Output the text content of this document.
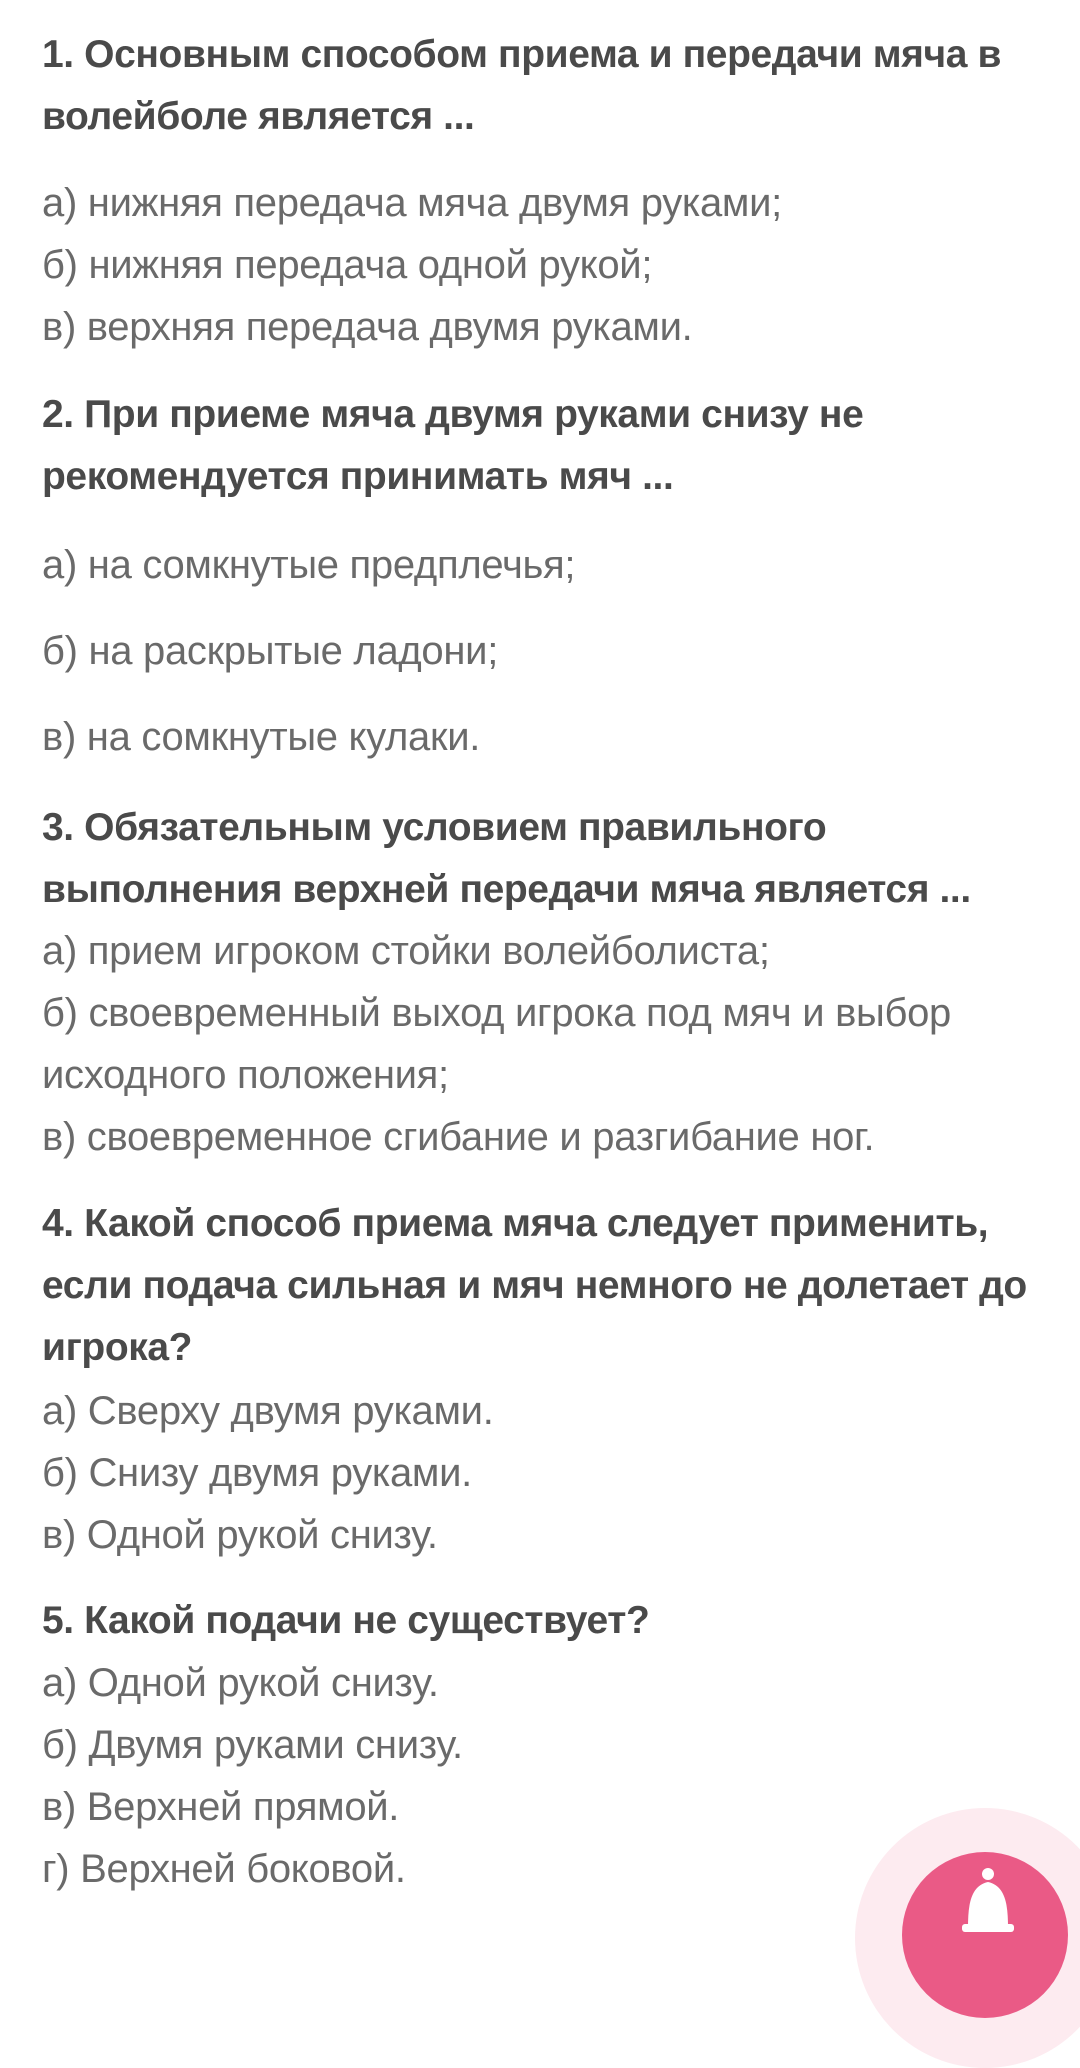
1. Основным способом приема и передачи мяча в волейболе является ...
а) нижняя передача мяча двумя руками;
б) нижняя передача одной рукой;
в) верхняя передача двумя руками.
2. При приеме мяча двумя руками снизу не рекомендуется принимать мяч ...
а) на сомкнутые предплечья;
б) на раскрытые ладони;
в) на сомкнутые кулаки.
3. Обязательным условием правильного выполнения верхней передачи мяча является ...
а) прием игроком стойки волейболиста;
б) своевременный выход игрока под мяч и выбор исходного положения;
в) своевременное сгибание и разгибание ног.
4. Какой способ приема мяча следует применить, если подача сильная и мяч немного не долетает до игрока?
а) Сверху двумя руками.
б) Снизу двумя руками.
в) Одной рукой снизу.
5. Какой подачи не существует?
а) Одной рукой снизу.
б) Двумя руками снизу.
в) Верхней прямой.
г) Верхней боковой.
